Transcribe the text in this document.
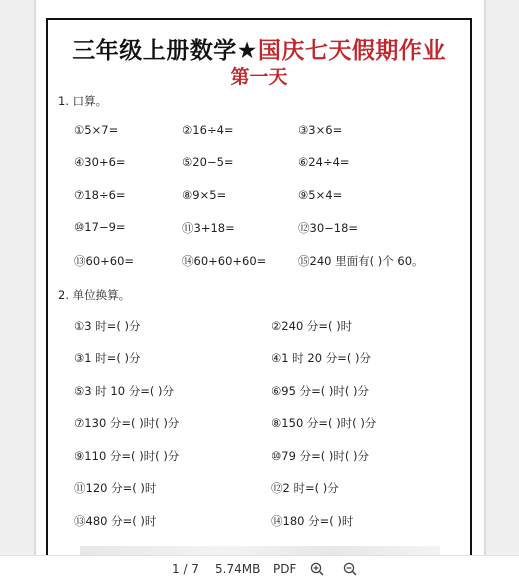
三年级上册数学★国庆七天假期作业
第一天
1. 口算。
①5×7=	②16÷4=	③3×6=
④30+6=	⑤20−5=	⑥24÷4=
⑦18÷6=	⑧9×5=	⑨5×4=
⑩17−9=	⑪3+18=	⑫30−18=
⑬60+60=	⑭60+60+60=	⑮240 里面有( )个 60。
2. 单位换算。
①3 时=( )分	②240 分=( )时
③1 时=( )分	④1 时 20 分=( )分
⑤3 时 10 分=( )分	⑥95 分=( )时( )分
⑦130 分=( )时( )分	⑧150 分=( )时( )分
⑨110 分=( )时( )分	⑩79 分=( )时( )分
⑪120 分=( )时	⑫2 时=( )分
⑬480 分=( )时	⑭180 分=( )时
1 / 7 5.74MB PDF
